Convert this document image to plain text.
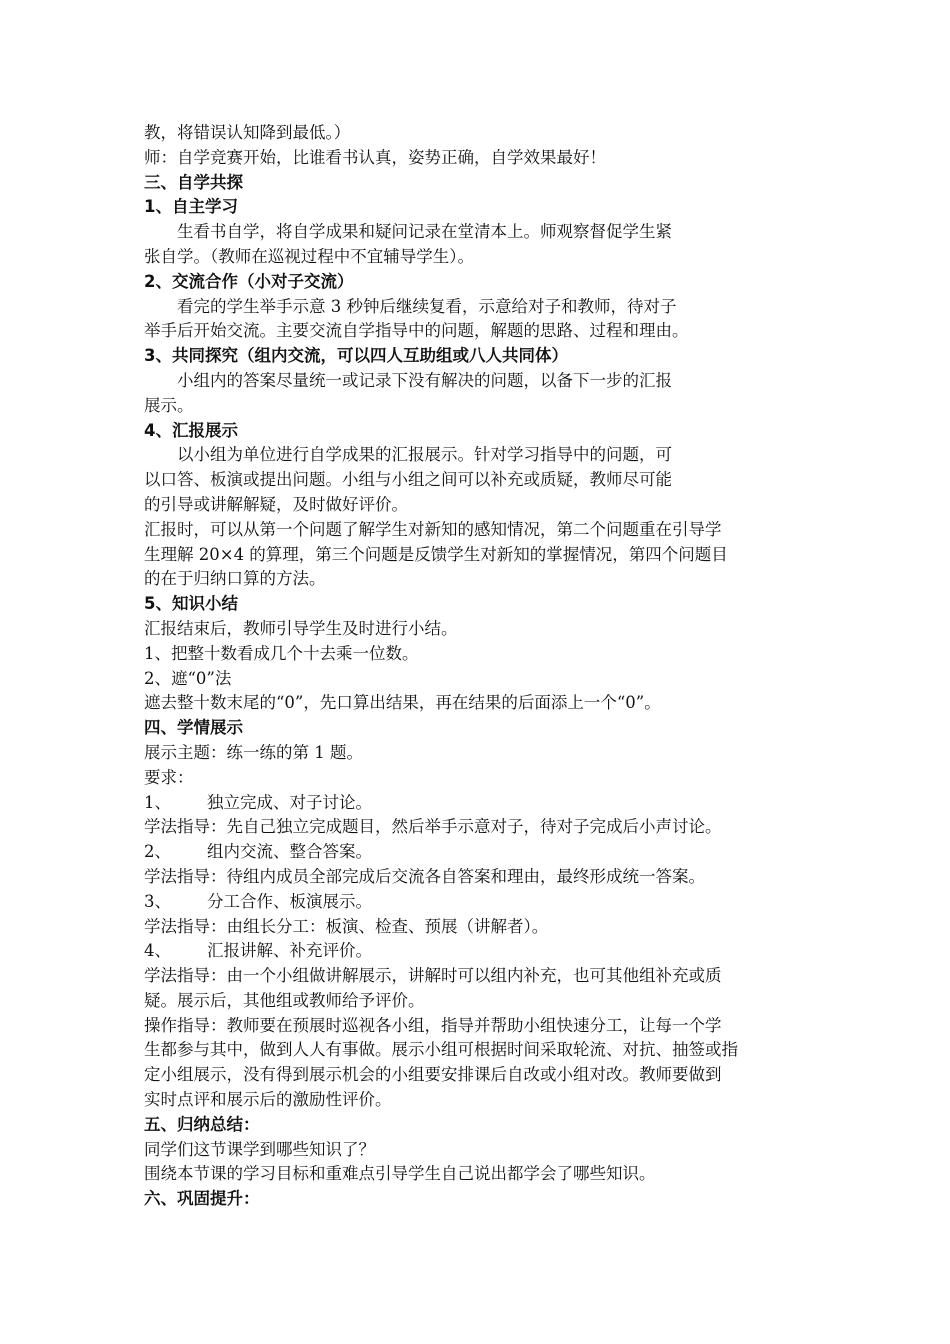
教，将错误认知降到最低。）
师：自学竞赛开始，比谁看书认真，姿势正确，自学效果最好！
三、自学共探
1、自主学习
生看书自学，将自学成果和疑问记录在堂清本上。师观察督促学生紧
张自学。（教师在巡视过程中不宜辅导学生）。
2、交流合作（小对子交流）
看完的学生举手示意 3 秒钟后继续复看，示意给对子和教师，待对子
举手后开始交流。主要交流自学指导中的问题，解题的思路、过程和理由。
3、共同探究（组内交流，可以四人互助组或八人共同体）
小组内的答案尽量统一或记录下没有解决的问题，以备下一步的汇报
展示。
4、汇报展示
以小组为单位进行自学成果的汇报展示。针对学习指导中的问题，可
以口答、板演或提出问题。小组与小组之间可以补充或质疑，教师尽可能
的引导或讲解解疑，及时做好评价。
汇报时，可以从第一个问题了解学生对新知的感知情况，第二个问题重在引导学
生理解 20×4 的算理，第三个问题是反馈学生对新知的掌握情况，第四个问题目
的在于归纳口算的方法。
5、知识小结
汇报结束后，教师引导学生及时进行小结。
1、把整十数看成几个十去乘一位数。
2、遮“0”法
遮去整十数末尾的“0”，先口算出结果，再在结果的后面添上一个“0”。
四、学情展示
展示主题：练一练的第 1 题。
要求：
1、 独立完成、对子讨论。
学法指导：先自己独立完成题目，然后举手示意对子，待对子完成后小声讨论。
2、 组内交流、整合答案。
学法指导：待组内成员全部完成后交流各自答案和理由，最终形成统一答案。
3、 分工合作、板演展示。
学法指导：由组长分工：板演、检查、预展（讲解者）。
4、 汇报讲解、补充评价。
学法指导：由一个小组做讲解展示，讲解时可以组内补充，也可其他组补充或质
疑。展示后，其他组或教师给予评价。
操作指导：教师要在预展时巡视各小组，指导并帮助小组快速分工，让每一个学
生都参与其中，做到人人有事做。展示小组可根据时间采取轮流、对抗、抽签或指
定小组展示，没有得到展示机会的小组要安排课后自改或小组对改。教师要做到
实时点评和展示后的激励性评价。
五、归纳总结：
同学们这节课学到哪些知识了？
围绕本节课的学习目标和重难点引导学生自己说出都学会了哪些知识。
六、巩固提升：
